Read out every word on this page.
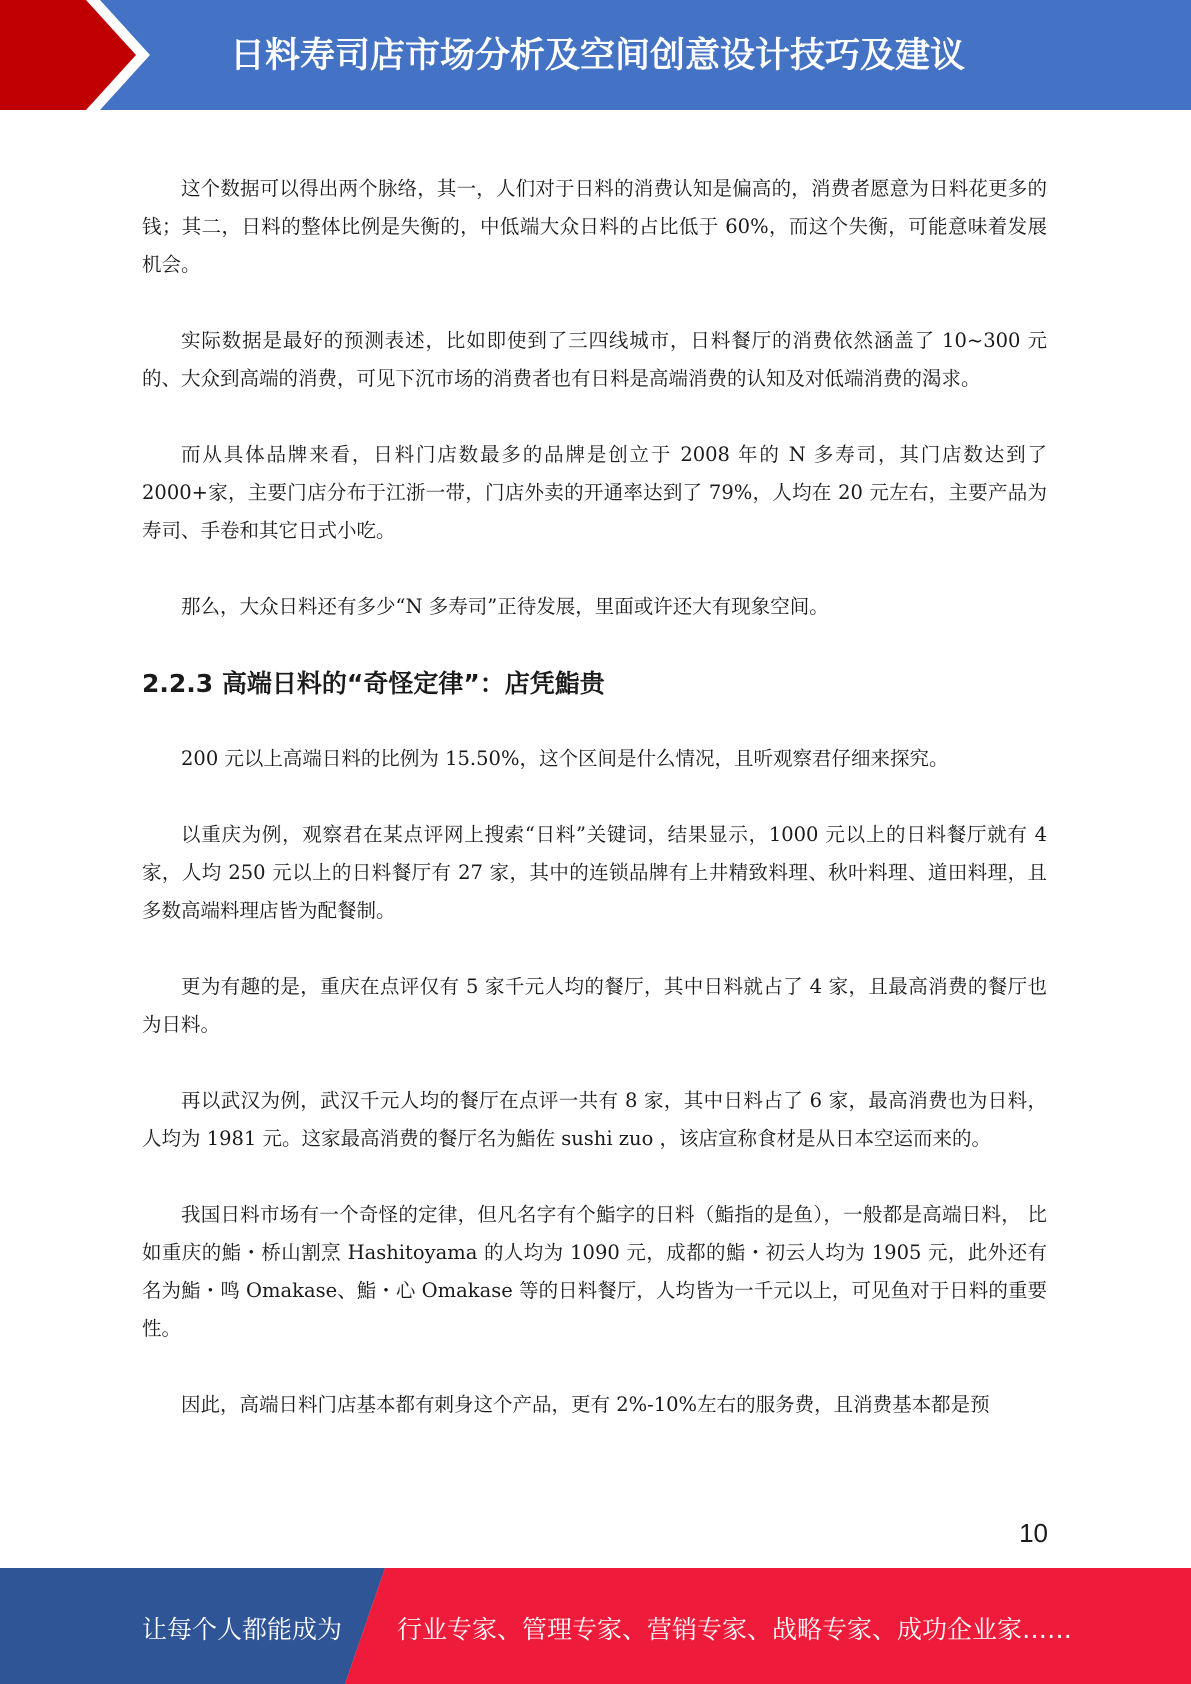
日料寿司店市场分析及空间创意设计技巧及建议

这个数据可以得出两个脉络，其一，人们对于日料的消费认知是偏高的，消费者愿意为日料花更多的钱；其二，日料的整体比例是失衡的，中低端大众日料的占比低于 60%，而这个失衡，可能意味着发展机会。

实际数据是最好的预测表述，比如即使到了三四线城市，日料餐厅的消费依然涵盖了 10~300 元的、大众到高端的消费，可见下沉市场的消费者也有日料是高端消费的认知及对低端消费的渴求。

而从具体品牌来看，日料门店数最多的品牌是创立于 2008 年的 N 多寿司，其门店数达到了 2000+家，主要门店分布于江浙一带，门店外卖的开通率达到了 79%，人均在 20 元左右，主要产品为寿司、手卷和其它日式小吃。

那么，大众日料还有多少“N 多寿司”正待发展，里面或许还大有现象空间。

2.2.3 高端日料的“奇怪定律”：店凭鮨贵

200 元以上高端日料的比例为 15.50%，这个区间是什么情况，且听观察君仔细来探究。

以重庆为例，观察君在某点评网上搜索“日料”关键词，结果显示，1000 元以上的日料餐厅就有 4 家，人均 250 元以上的日料餐厅有 27 家，其中的连锁品牌有上井精致料理、秋叶料理、道田料理，且多数高端料理店皆为配餐制。

更为有趣的是，重庆在点评仅有 5 家千元人均的餐厅，其中日料就占了 4 家，且最高消费的餐厅也为日料。

再以武汉为例，武汉千元人均的餐厅在点评一共有 8 家，其中日料占了 6 家，最高消费也为日料，人均为 1981 元。这家最高消费的餐厅名为鮨佐 sushi zuo ，该店宣称食材是从日本空运而来的。

我国日料市场有一个奇怪的定律，但凡名字有个鮨字的日料（鮨指的是鱼），一般都是高端日料， 比如重庆的鮨・桥山割烹 Hashitoyama 的人均为 1090 元，成都的鮨・初云人均为 1905 元，此外还有名为鮨・鸣 Omakase、鮨・心 Omakase 等的日料餐厅，人均皆为一千元以上，可见鱼对于日料的重要性。

因此，高端日料门店基本都有刺身这个产品，更有 2%-10%左右的服务费，且消费基本都是预

10
让每个人都能成为 行业专家、管理专家、营销专家、战略专家、成功企业家……
